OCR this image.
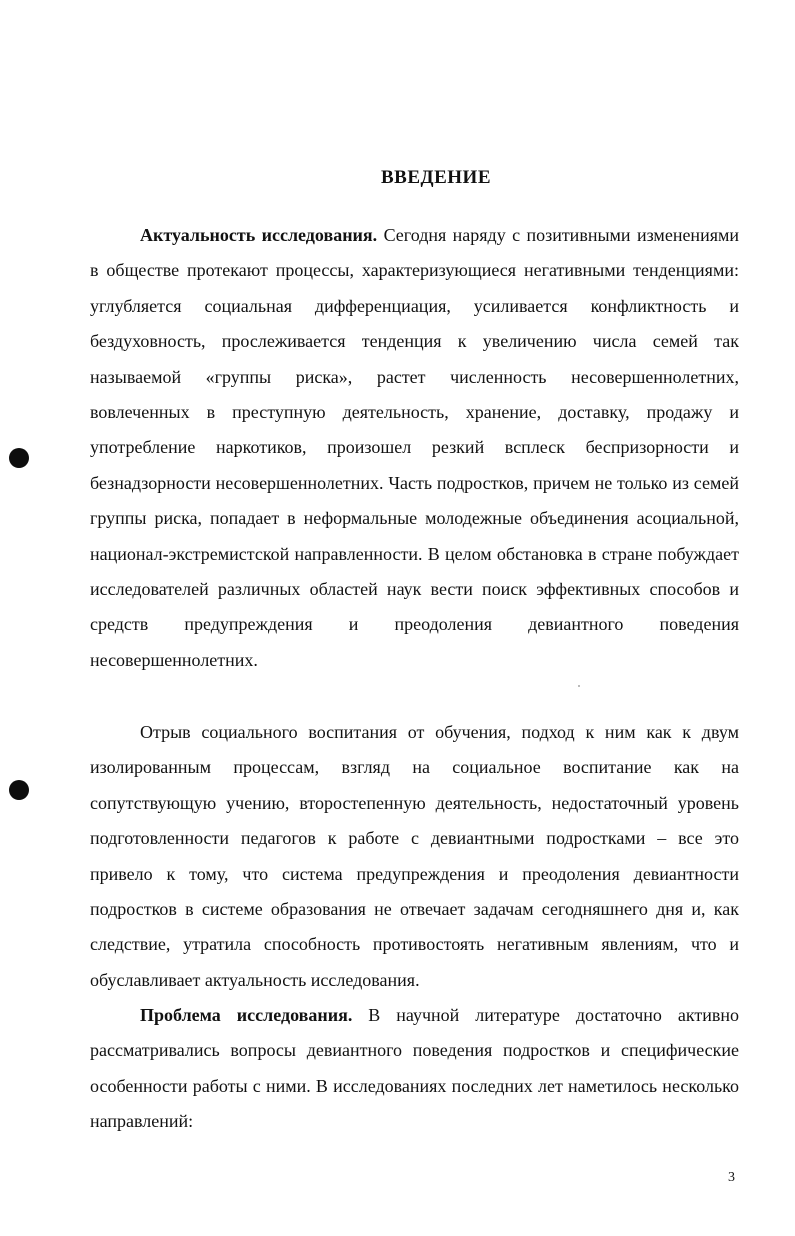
ВВЕДЕНИЕ

Актуальность исследования. Сегодня наряду с позитивными изменениями в обществе протекают процессы, характеризующиеся негативными тенденциями: углубляется социальная дифференциация, усиливается конфликтность и бездуховность, прослеживается тенденция к увеличению числа семей так называемой «группы риска», растет численность несовершеннолетних, вовлеченных в преступную деятельность, хранение, доставку, продажу и употребление наркотиков, произошел резкий всплеск беспризорности и безнадзорности несовершеннолетних. Часть подростков, причем не только из семей группы риска, попадает в неформальные молодежные объединения асоциальной, национал-экстремистской направленности. В целом обстановка в стране побуждает исследователей различных областей наук вести поиск эффективных способов и средств предупреждения и преодоления девиантного поведения несовершеннолетних.

Отрыв социального воспитания от обучения, подход к ним как к двум изолированным процессам, взгляд на социальное воспитание как на сопутствующую учению, второстепенную деятельность, недостаточный уровень подготовленности педагогов к работе с девиантными подростками – все это привело к тому, что система предупреждения и преодоления девиантности подростков в системе образования не отвечает задачам сегодняшнего дня и, как следствие, утратила способность противостоять негативным явлениям, что и обуславливает актуальность исследования.

Проблема исследования. В научной литературе достаточно активно рассматривались вопросы девиантного поведения подростков и специфические особенности работы с ними. В исследованиях последних лет наметилось несколько направлений:

3
